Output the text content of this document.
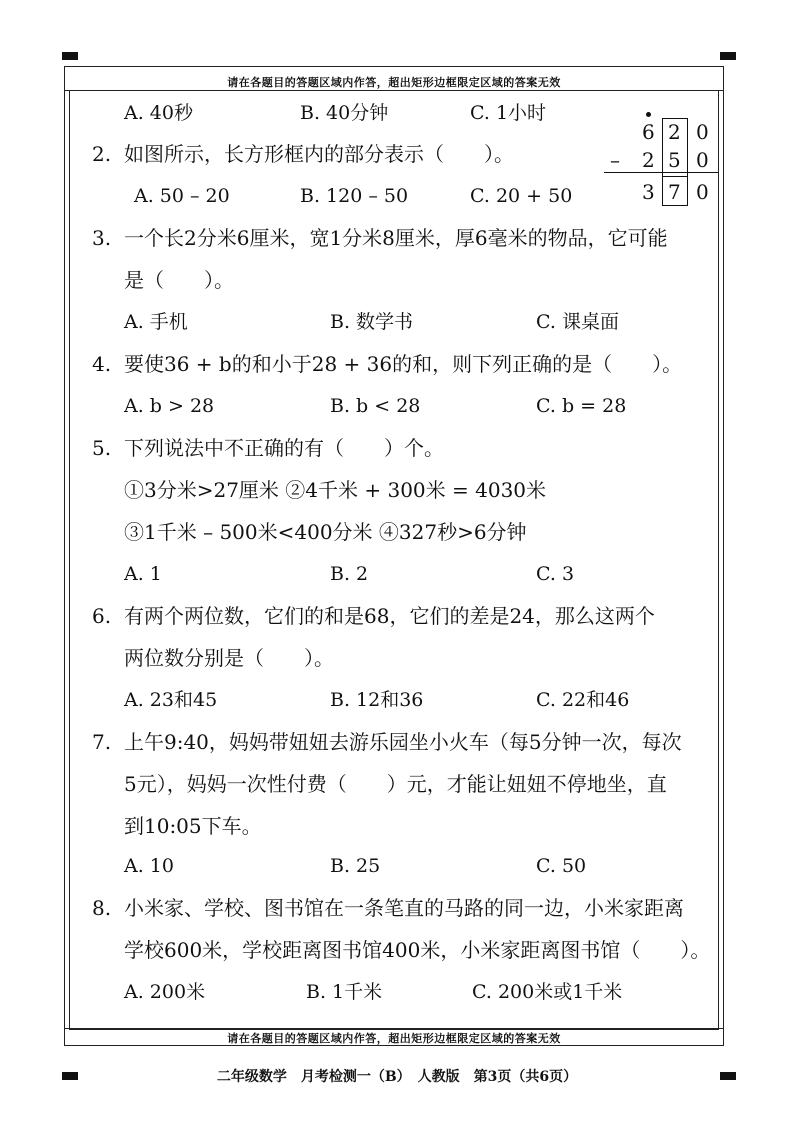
请在各题目的答题区域内作答，超出矩形边框限定区域的答案无效
请在各题目的答题区域内作答，超出矩形边框限定区域的答案无效
A. 40秒	B. 40分钟	C. 1小时
6 2 0
– 2 5 0
3 7 0
2. 如图所示，长方形框内的部分表示（　　）。
A. 50 – 20	B. 120 – 50	C. 20 + 50
3. 一个长2分米6厘米，宽1分米8厘米，厚6毫米的物品，它可能
是（　　）。
A. 手机	B. 数学书	C. 课桌面
4. 要使36 + b的和小于28 + 36的和，则下列正确的是（　　）。
A. b > 28	B. b < 28	C. b = 28
5. 下列说法中不正确的有（　　）个。
①3分米>27厘米 ②4千米 + 300米 = 4030米
③1千米 – 500米<400分米 ④327秒>6分钟
A. 1	B. 2	C. 3
6. 有两个两位数，它们的和是68，它们的差是24，那么这两个
两位数分别是（　　）。
A. 23和45	B. 12和36	C. 22和46
7. 上午9:40，妈妈带妞妞去游乐园坐小火车（每5分钟一次，每次
5元），妈妈一次性付费（　　）元，才能让妞妞不停地坐，直
到10:05下车。
A. 10	B. 25	C. 50
8. 小米家、学校、图书馆在一条笔直的马路的同一边，小米家距离
学校600米，学校距离图书馆400米，小米家距离图书馆（　　）。
A. 200米	B. 1千米	C. 200米或1千米
二年级数学　月考检测一（B）　人教版　第3页（共6页）
